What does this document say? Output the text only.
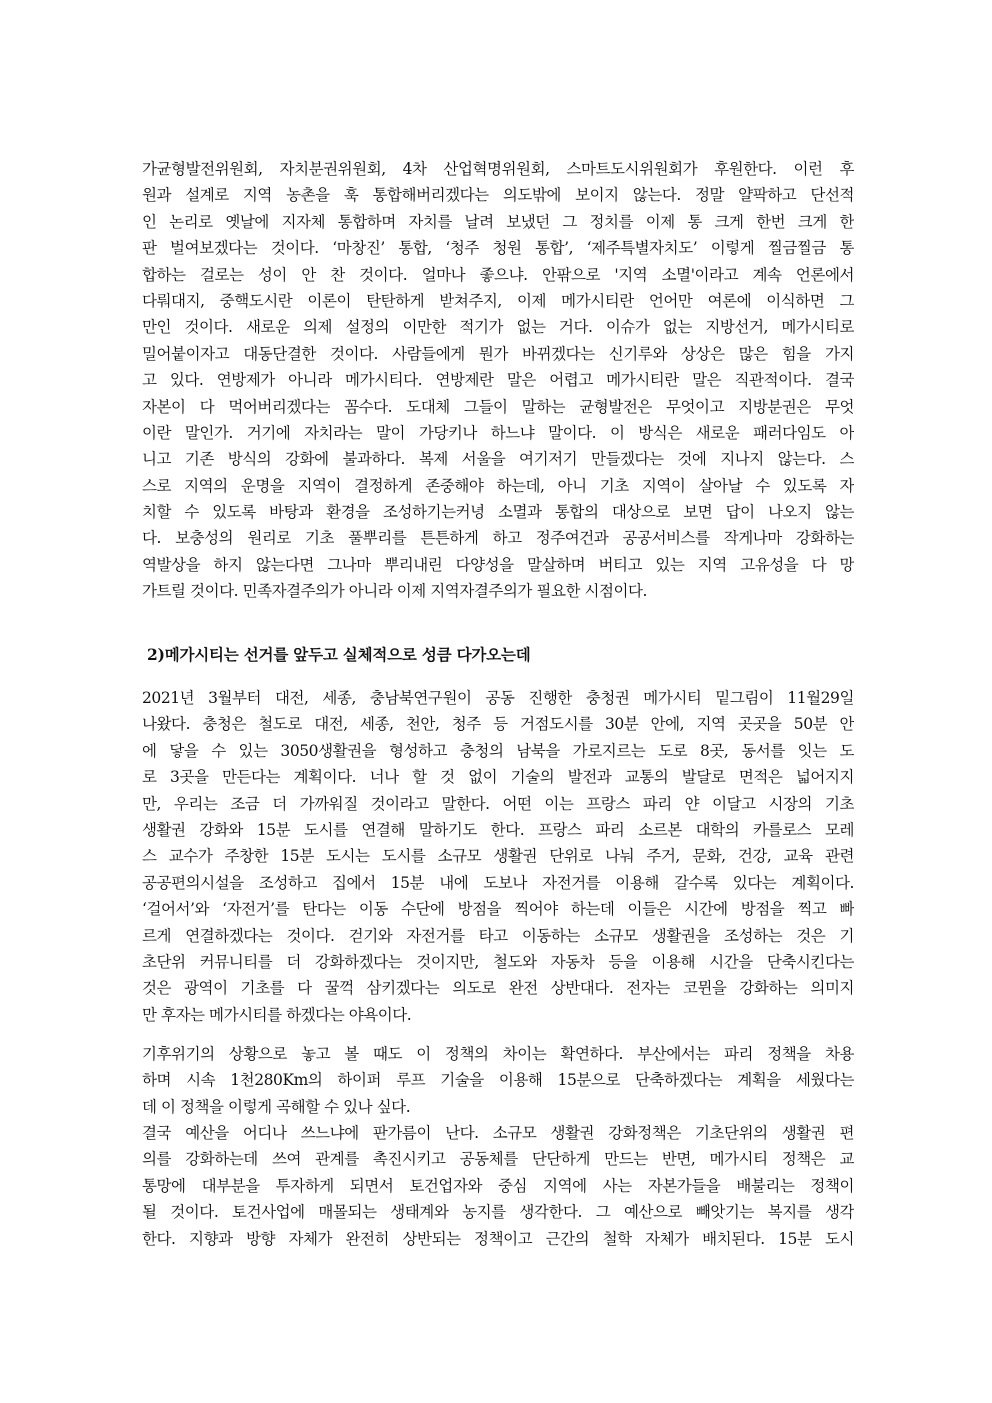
가균형발전위원회, 자치분권위원회, 4차 산업혁명위원회, 스마트도시위원회가 후원한다. 이런 후
원과 설계로 지역 농촌을 훅 통합해버리겠다는 의도밖에 보이지 않는다. 정말 얄팍하고 단선적
인 논리로 옛날에 지자체 통합하며 자치를 날려 보냈던 그 정치를 이제 통 크게 한번 크게 한
판 벌여보겠다는 것이다. ‘마창진’ 통합, ‘청주 청원 통합’, ‘제주특별자치도’ 이렇게 찔금찔금 통
합하는 걸로는 성이 안 찬 것이다. 얼마나 좋으냐. 안팎으로 '지역 소멸'이라고 계속 언론에서
다뤄대지, 중핵도시란 이론이 탄탄하게 받쳐주지, 이제 메가시티란 언어만 여론에 이식하면 그
만인 것이다. 새로운 의제 설정의 이만한 적기가 없는 거다. 이슈가 없는 지방선거, 메가시티로
밀어붙이자고 대동단결한 것이다. 사람들에게 뭔가 바뀌겠다는 신기루와 상상은 많은 힘을 가지
고 있다. 연방제가 아니라 메가시티다. 연방제란 말은 어렵고 메가시티란 말은 직관적이다. 결국
자본이 다 먹어버리겠다는 꼼수다. 도대체 그들이 말하는 균형발전은 무엇이고 지방분권은 무엇
이란 말인가. 거기에 자치라는 말이 가당키나 하느냐 말이다. 이 방식은 새로운 패러다임도 아
니고 기존 방식의 강화에 불과하다. 복제 서울을 여기저기 만들겠다는 것에 지나지 않는다. 스
스로 지역의 운명을 지역이 결정하게 존중해야 하는데, 아니 기초 지역이 살아날 수 있도록 자
치할 수 있도록 바탕과 환경을 조성하기는커녕 소멸과 통합의 대상으로 보면 답이 나오지 않는
다. 보충성의 원리로 기초 풀뿌리를 튼튼하게 하고 정주여건과 공공서비스를 작게나마 강화하는
역발상을 하지 않는다면 그나마 뿌리내린 다양성을 말살하며 버티고 있는 지역 고유성을 다 망
가트릴 것이다. 민족자결주의가 아니라 이제 지역자결주의가 필요한 시점이다.
2)메가시티는 선거를 앞두고 실체적으로 성큼 다가오는데
2021년 3월부터 대전, 세종, 충남북연구원이 공동 진행한 충청권 메가시티 밑그림이 11월29일
나왔다. 충청은 철도로 대전, 세종, 천안, 청주 등 거점도시를 30분 안에, 지역 곳곳을 50분 안
에 닿을 수 있는 3050생활권을 형성하고 충청의 남북을 가로지르는 도로 8곳, 동서를 잇는 도
로 3곳을 만든다는 계획이다. 너나 할 것 없이 기술의 발전과 교통의 발달로 면적은 넓어지지
만, 우리는 조금 더 가까워질 것이라고 말한다. 어떤 이는 프랑스 파리 얀 이달고 시장의 기초
생활권 강화와 15분 도시를 연결해 말하기도 한다. 프랑스 파리 소르본 대학의 카를로스 모레
스 교수가 주창한 15분 도시는 도시를 소규모 생활권 단위로 나눠 주거, 문화, 건강, 교육 관련
공공편의시설을 조성하고 집에서 15분 내에 도보나 자전거를 이용해 갈수록 있다는 계획이다.
‘걸어서’와 ‘자전거’를 탄다는 이동 수단에 방점을 찍어야 하는데 이들은 시간에 방점을 찍고 빠
르게 연결하겠다는 것이다. 걷기와 자전거를 타고 이동하는 소규모 생활권을 조성하는 것은 기
초단위 커뮤니티를 더 강화하겠다는 것이지만, 철도와 자동차 등을 이용해 시간을 단축시킨다는
것은 광역이 기초를 다 꿀꺽 삼키겠다는 의도로 완전 상반대다. 전자는 코뮌을 강화하는 의미지
만 후자는 메가시티를 하겠다는 야욕이다.
기후위기의 상황으로 놓고 볼 때도 이 정책의 차이는 확연하다. 부산에서는 파리 정책을 차용
하며 시속 1천280Km의 하이퍼 루프 기술을 이용해 15분으로 단축하겠다는 계획을 세웠다는
데 이 정책을 이렇게 곡해할 수 있나 싶다.
결국 예산을 어디나 쓰느냐에 판가름이 난다. 소규모 생활권 강화정책은 기초단위의 생활권 편
의를 강화하는데 쓰여 관계를 촉진시키고 공동체를 단단하게 만드는 반면, 메가시티 정책은 교
통망에 대부분을 투자하게 되면서 토건업자와 중심 지역에 사는 자본가들을 배불리는 정책이
될 것이다. 토건사업에 매몰되는 생태계와 농지를 생각한다. 그 예산으로 빼앗기는 복지를 생각
한다. 지향과 방향 자체가 완전히 상반되는 정책이고 근간의 철학 자체가 배치된다. 15분 도시
